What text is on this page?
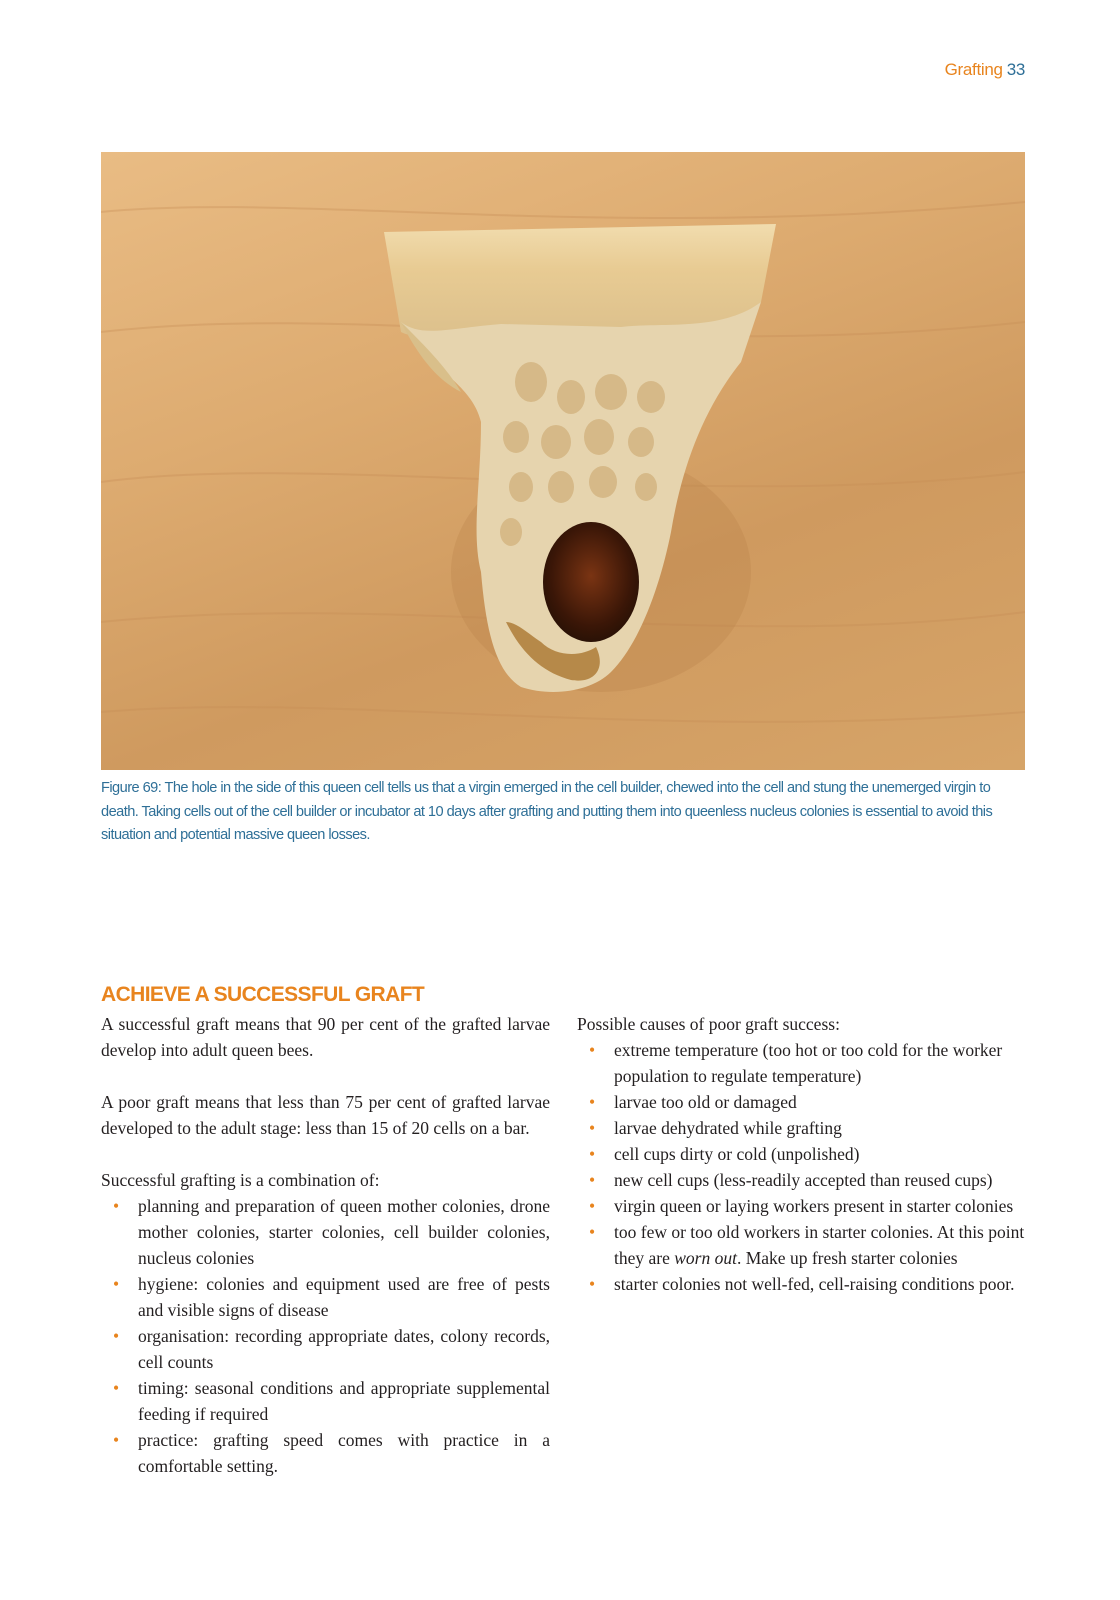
Grafting 33
Figure 69: The hole in the side of this queen cell tells us that a virgin emerged in the cell builder, chewed into the cell and stung the unemerged virgin to death. Taking cells out of the cell builder or incubator at 10 days after grafting and putting them into queenless nucleus colonies is essential to avoid this situation and potential massive queen losses.
ACHIEVE A SUCCESSFUL GRAFT

A successful graft means that 90 per cent of the grafted larvae develop into adult queen bees.

A poor graft means that less than 75 per cent of grafted larvae developed to the adult stage: less than 15 of 20 cells on a bar.

Successful grafting is a combination of:

• planning and preparation of queen mother colonies, drone mother colonies, starter colonies, cell builder colonies, nucleus colonies
• hygiene: colonies and equipment used are free of pests and visible signs of disease
• organisation: recording appropriate dates, colony records, cell counts
• timing: seasonal conditions and appropriate supplemental feeding if required
• practice: grafting speed comes with practice in a comfortable setting.

Possible causes of poor graft success:

• extreme temperature (too hot or too cold for the worker population to regulate temperature)
• larvae too old or damaged
• larvae dehydrated while grafting
• cell cups dirty or cold (unpolished)
• new cell cups (less-readily accepted than reused cups)
• virgin queen or laying workers present in starter colonies
• too few or too old workers in starter colonies. At this point they are worn out. Make up fresh starter colonies
• starter colonies not well-fed, cell-raising conditions poor.
